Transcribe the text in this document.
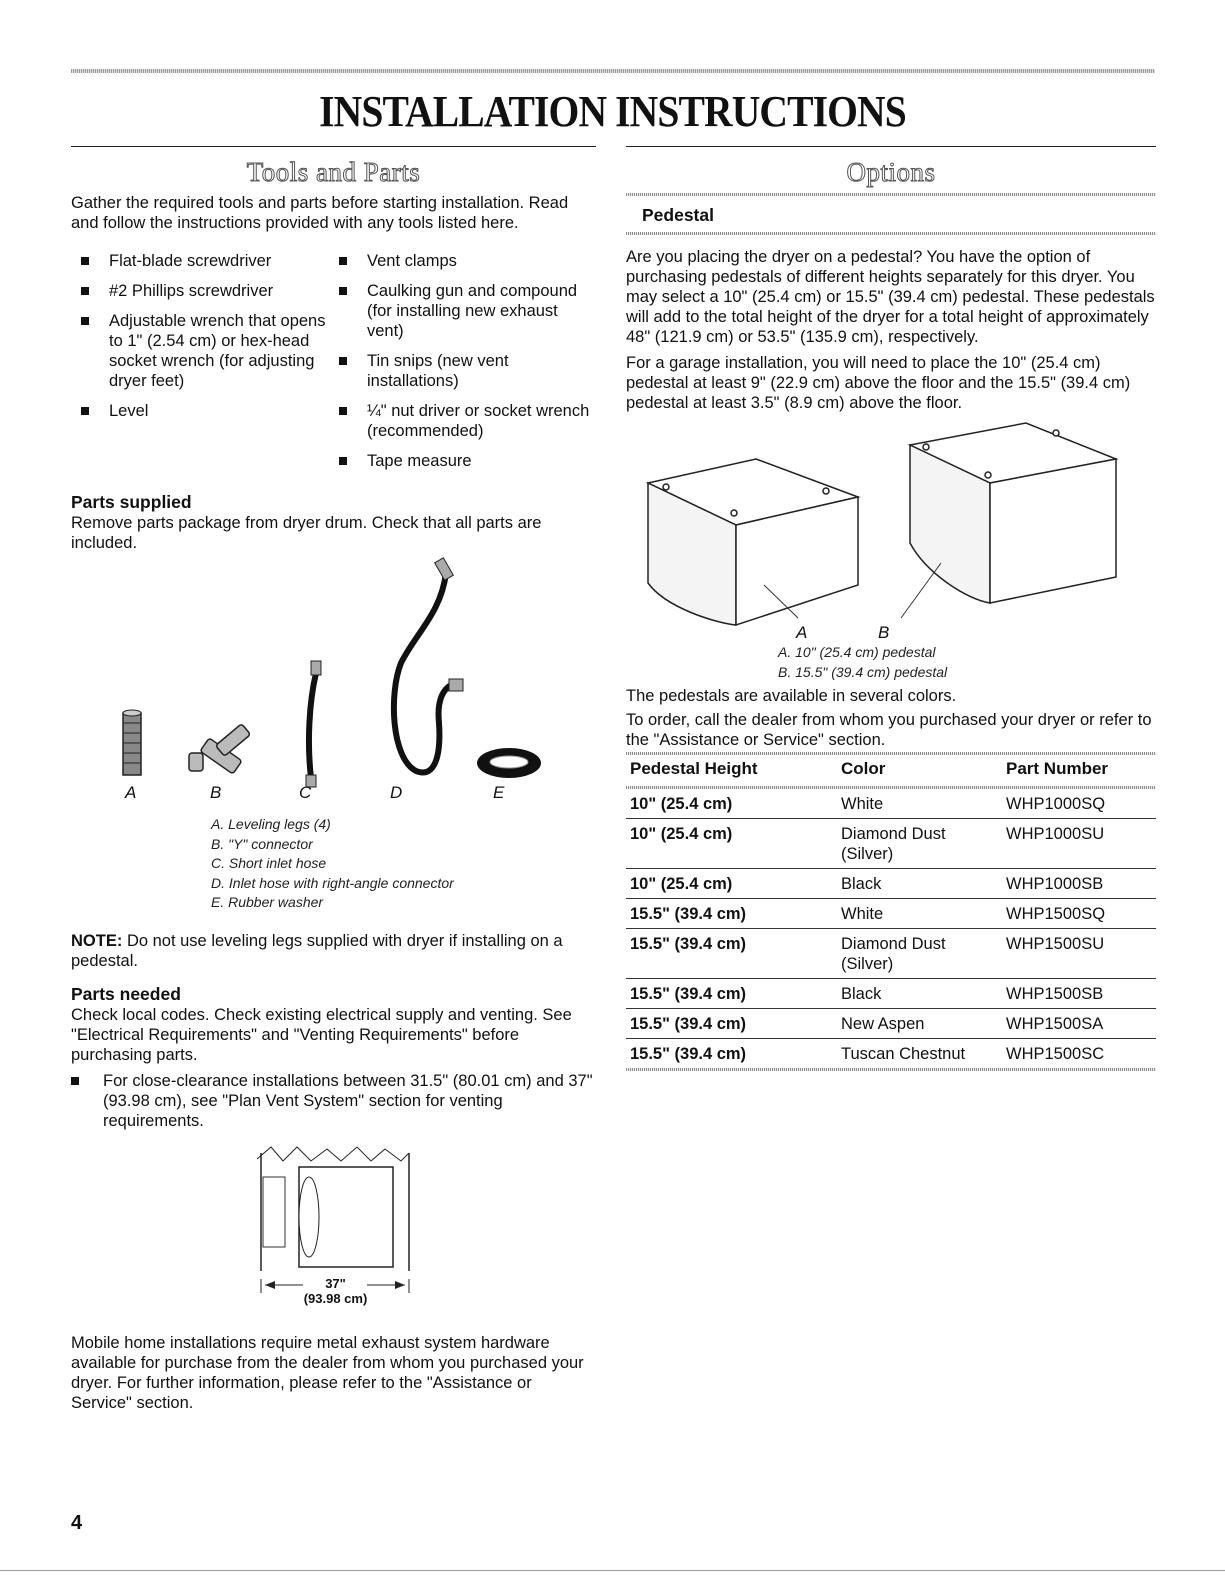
INSTALLATION INSTRUCTIONS
Tools and Parts

Gather the required tools and parts before starting installation. Read and follow the instructions provided with any tools listed here.

Flat-blade screwdriver
#2 Phillips screwdriver
Adjustable wrench that opens to 1" (2.54 cm) or hex-head socket wrench (for adjusting dryer feet)
Level
Vent clamps
Caulking gun and compound (for installing new exhaust vent)
Tin snips (new vent installations)
¼" nut driver or socket wrench (recommended)
Tape measure
Parts supplied

Remove parts package from dryer drum. Check that all parts are included.

A	B	C	D	E
A. Leveling legs (4)
B. "Y" connector
C. Short inlet hose
D. Inlet hose with right-angle connector
E. Rubber washer

NOTE: Do not use leveling legs supplied with dryer if installing on a pedestal.

Parts needed

Check local codes. Check existing electrical supply and venting. See "Electrical Requirements" and "Venting Requirements" before purchasing parts.

For close-clearance installations between 31.5" (80.01 cm) and 37" (93.98 cm), see "Plan Vent System" section for venting requirements.
37"
(93.98 cm)

Mobile home installations require metal exhaust system hardware available for purchase from the dealer from whom you purchased your dryer. For further information, please refer to the "Assistance or Service" section.

Options
Pedestal

Are you placing the dryer on a pedestal? You have the option of purchasing pedestals of different heights separately for this dryer. You may select a 10" (25.4 cm) or 15.5" (39.4 cm) pedestal. These pedestals will add to the total height of the dryer for a total height of approximately 48" (121.9 cm) or 53.5" (135.9 cm), respectively.

For a garage installation, you will need to place the 10" (25.4 cm) pedestal at least 9" (22.9 cm) above the floor and the 15.5" (39.4 cm) pedestal at least 3.5" (8.9 cm) above the floor.

A	B
A. 10" (25.4 cm) pedestal
B. 15.5" (39.4 cm) pedestal

The pedestals are available in several colors.

To order, call the dealer from whom you purchased your dryer or refer to the "Assistance or Service" section.

Pedestal Height	Color	Part Number

10" (25.4 cm)	White	WHP1000SQ
10" (25.4 cm)	Diamond Dust (Silver)	WHP1000SU
10" (25.4 cm)	Black	WHP1000SB
15.5" (39.4 cm)	White	WHP1500SQ
15.5" (39.4 cm)	Diamond Dust (Silver)	WHP1500SU
15.5" (39.4 cm)	Black	WHP1500SB
15.5" (39.4 cm)	New Aspen	WHP1500SA
15.5" (39.4 cm)	Tuscan Chestnut	WHP1500SC
4
